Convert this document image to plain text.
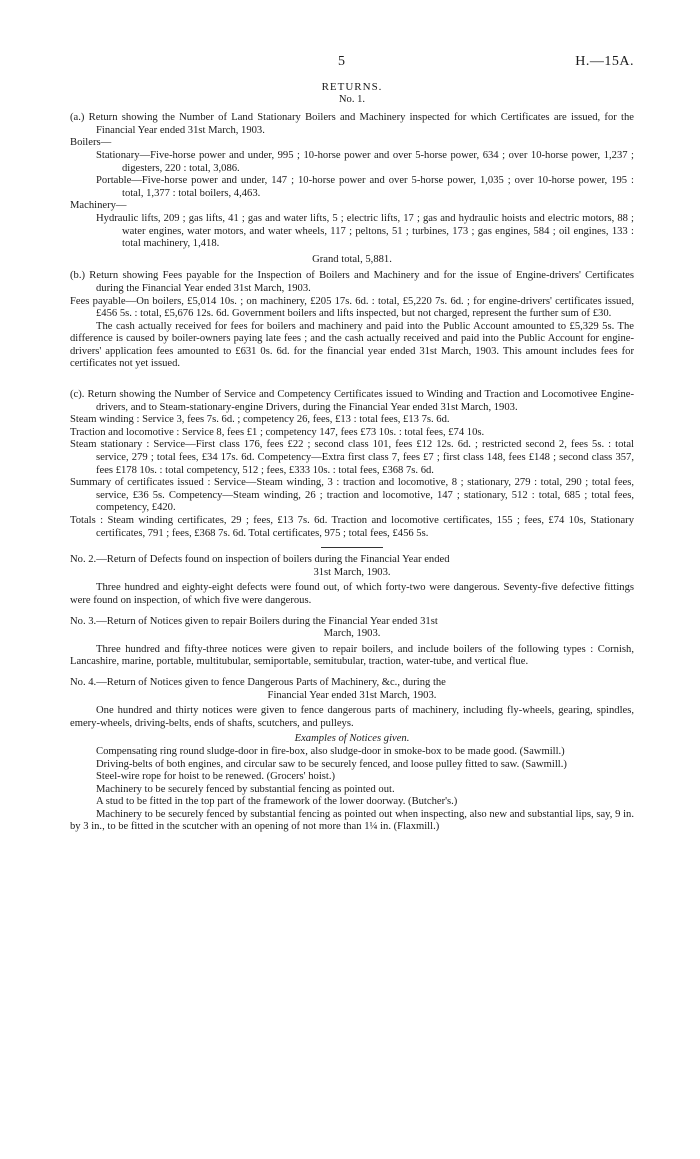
5	H.—15A.
RETURNS.
No. 1.

(a.) Return showing the Number of Land Stationary Boilers and Machinery inspected for which Certificates are issued, for the Financial Year ended 31st March, 1903.

Boilers—

Stationary—Five-horse power and under, 995 ; 10-horse power and over 5-horse power, 634 ; over 10-horse power, 1,237 ; digesters, 220 : total, 3,086.

Portable—Five-horse power and under, 147 ; 10-horse power and over 5-horse power, 1,035 ; over 10-horse power, 195 : total, 1,377 : total boilers, 4,463.

Machinery—

Hydraulic lifts, 209 ; gas lifts, 41 ; gas and water lifts, 5 ; electric lifts, 17 ; gas and hydraulic hoists and electric motors, 88 ; water engines, water motors, and water wheels, 117 ; peltons, 51 ; turbines, 173 ; gas engines, 584 ; oil engines, 133 : total machinery, 1,418.

Grand total, 5,881.

(b.) Return showing Fees payable for the Inspection of Boilers and Machinery and for the issue of Engine-drivers' Certificates during the Financial Year ended 31st March, 1903.

Fees payable—On boilers, £5,014 10s. ; on machinery, £205 17s. 6d. : total, £5,220 7s. 6d. ; for engine-drivers' certificates issued, £456 5s. : total, £5,676 12s. 6d. Government boilers and lifts inspected, but not charged, represent the further sum of £30.

The cash actually received for fees for boilers and machinery and paid into the Public Account amounted to £5,329 5s. The difference is caused by boiler-owners paying late fees ; and the cash actually received and paid into the Public Account for engine-drivers' application fees amounted to £631 0s. 6d. for the financial year ended 31st March, 1903. This amount includes fees for certificates not yet issued.

(c). Return showing the Number of Service and Competency Certificates issued to Winding and Traction and Locomotivee Engine-drivers, and to Steam-stationary-engine Drivers, during the Financial Year ended 31st March, 1903.

Steam winding : Service 3, fees 7s. 6d. ; competency 26, fees, £13 : total fees, £13 7s. 6d.

Traction and locomotive : Service 8, fees £1 ; competency 147, fees £73 10s. : total fees, £74 10s.

Steam stationary : Service—First class 176, fees £22 ; second class 101, fees £12 12s. 6d. ; restricted second 2, fees 5s. : total service, 279 ; total fees, £34 17s. 6d. Competency—Extra first class 7, fees £7 ; first class 148, fees £148 ; second class 357, fees £178 10s. : total competency, 512 ; fees, £333 10s. : total fees, £368 7s. 6d.

Summary of certificates issued : Service—Steam winding, 3 : traction and locomotive, 8 ; stationary, 279 : total, 290 ; total fees, service, £36 5s. Competency—Steam winding, 26 ; traction and locomotive, 147 ; stationary, 512 : total, 685 ; total fees, competency, £420.

Totals : Steam winding certificates, 29 ; fees, £13 7s. 6d. Traction and locomotive certificates, 155 ; fees, £74 10s, Stationary certificates, 791 ; fees, £368 7s. 6d. Total certificates, 975 ; total fees, £456 5s.

No. 2.—Return of Defects found on inspection of boilers during the Financial Year ended

31st March, 1903.

Three hundred and eighty-eight defects were found out, of which forty-two were dangerous. Seventy-five defective fittings were found on inspection, of which five were dangerous.

No. 3.—Return of Notices given to repair Boilers during the Financial Year ended 31st

March, 1903.

Three hundred and fifty-three notices were given to repair boilers, and include boilers of the following types : Cornish, Lancashire, marine, portable, multitubular, semiportable, semitubular, traction, water-tube, and vertical flue.

No. 4.—Return of Notices given to fence Dangerous Parts of Machinery, &c., during the

Financial Year ended 31st March, 1903.

One hundred and thirty notices were given to fence dangerous parts of machinery, including fly-wheels, gearing, spindles, emery-wheels, driving-belts, ends of shafts, scutchers, and pulleys.

Examples of Notices given.

Compensating ring round sludge-door in fire-box, also sludge-door in smoke-box to be made good. (Sawmill.)

Driving-belts of both engines, and circular saw to be securely fenced, and loose pulley fitted to saw. (Sawmill.)

Steel-wire rope for hoist to be renewed. (Grocers' hoist.)

Machinery to be securely fenced by substantial fencing as pointed out.

A stud to be fitted in the top part of the framework of the lower doorway. (Butcher's.)

Machinery to be securely fenced by substantial fencing as pointed out when inspecting, also new and substantial lips, say, 9 in. by 3 in., to be fitted in the scutcher with an opening of not more than 1¼ in. (Flaxmill.)
